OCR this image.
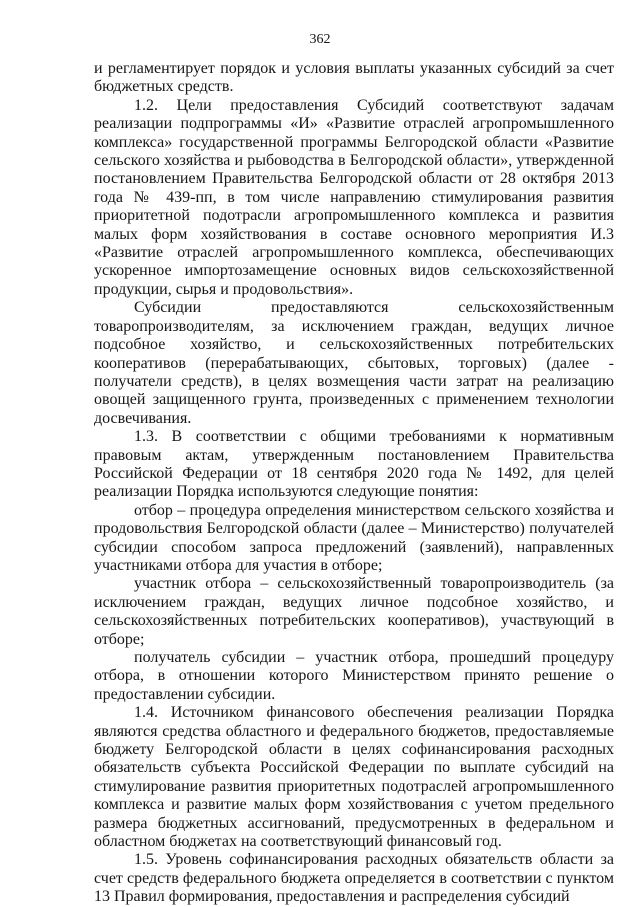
362

и регламентирует порядок и условия выплаты указанных субсидий за счет бюджетных средств.

1.2. Цели предоставления Субсидий соответствуют задачам реализации подпрограммы «И» «Развитие отраслей агропромышленного комплекса» государственной программы Белгородской области «Развитие сельского хозяйства и рыбоводства в Белгородской области», утвержденной постановлением Правительства Белгородской области от 28 октября 2013 года № 439-пп, в том числе направлению стимулирования развития приоритетной подотрасли агропромышленного комплекса и развития малых форм хозяйствования в составе основного мероприятия И.3 «Развитие отраслей агропромышленного комплекса, обеспечивающих ускоренное импортозамещение основных видов сельскохозяйственной продукции, сырья и продовольствия».

Субсидии предоставляются сельскохозяйственным товаропроизводителям, за исключением граждан, ведущих личное подсобное хозяйство, и сельскохозяйственных потребительских кооперативов (перерабатывающих, сбытовых, торговых) (далее - получатели средств), в целях возмещения части затрат на реализацию овощей защищенного грунта, произведенных с применением технологии досвечивания.

1.3. В соответствии с общими требованиями к нормативным правовым актам, утвержденным постановлением Правительства Российской Федерации от 18 сентября 2020 года № 1492, для целей реализации Порядка используются следующие понятия:

отбор – процедура определения министерством сельского хозяйства и продовольствия Белгородской области (далее – Министерство) получателей субсидии способом запроса предложений (заявлений), направленных участниками отбора для участия в отборе;

участник отбора – сельскохозяйственный товаропроизводитель (за исключением граждан, ведущих личное подсобное хозяйство, и сельскохозяйственных потребительских кооперативов), участвующий в отборе;

получатель субсидии – участник отбора, прошедший процедуру отбора, в отношении которого Министерством принято решение о предоставлении субсидии.

1.4. Источником финансового обеспечения реализации Порядка являются средства областного и федерального бюджетов, предоставляемые бюджету Белгородской области в целях софинансирования расходных обязательств субъекта Российской Федерации по выплате субсидий на стимулирование развития приоритетных подотраслей агропромышленного комплекса и развитие малых форм хозяйствования с учетом предельного размера бюджетных ассигнований, предусмотренных в федеральном и областном бюджетах на соответствующий финансовый год.

1.5. Уровень софинансирования расходных обязательств области за счет средств федерального бюджета определяется в соответствии с пунктом 13 Правил формирования, предоставления и распределения субсидий
